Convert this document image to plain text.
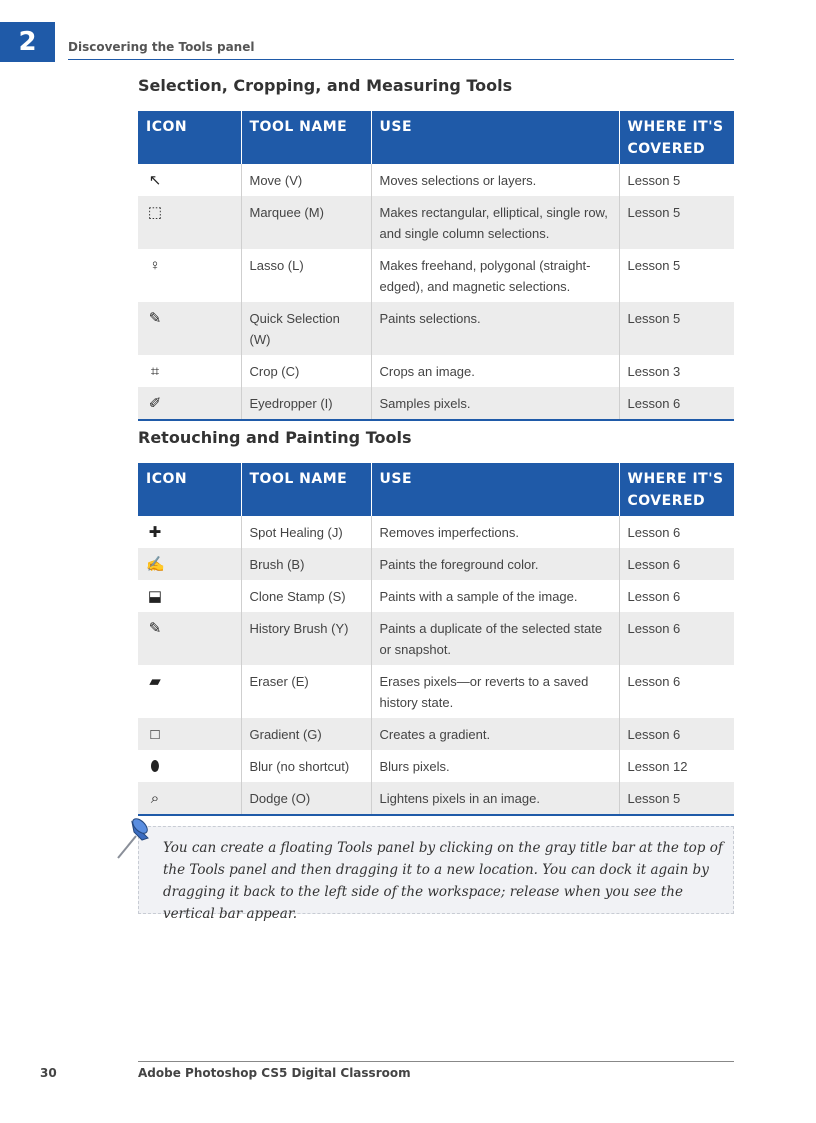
2	Discovering the Tools panel
Selection, Cropping, and Measuring Tools
ICON	TOOL NAME	USE	WHERE IT'S COVERED
↖	Move (V)	Moves selections or layers.	Lesson 5
⬚	Marquee (M)	Makes rectangular, elliptical, single row, and single column selections.	Lesson 5
♀	Lasso (L)	Makes freehand, polygonal (straight-edged), and magnetic selections.	Lesson 5
✎	Quick Selection (W)	Paints selections.	Lesson 5
⌗	Crop (C)	Crops an image.	Lesson 3
✐	Eyedropper (I)	Samples pixels.	Lesson 6
Retouching and Painting Tools
ICON	TOOL NAME	USE	WHERE IT'S COVERED
✚	Spot Healing (J)	Removes imperfections.	Lesson 6
✍	Brush (B)	Paints the foreground color.	Lesson 6
⬓	Clone Stamp (S)	Paints with a sample of the image.	Lesson 6
✎	History Brush (Y)	Paints a duplicate of the selected state or snapshot.	Lesson 6
▰	Eraser (E)	Erases pixels—or reverts to a saved history state.	Lesson 6
□	Gradient (G)	Creates a gradient.	Lesson 6
⬮	Blur (no shortcut)	Blurs pixels.	Lesson 12
⌕	Dodge (O)	Lightens pixels in an image.	Lesson 5
You can create a floating Tools panel by clicking on the gray title bar at the top of the Tools panel and then dragging it to a new location. You can dock it again by dragging it back to the left side of the workspace; release when you see the vertical bar appear.
30	Adobe Photoshop CS5 Digital Classroom
